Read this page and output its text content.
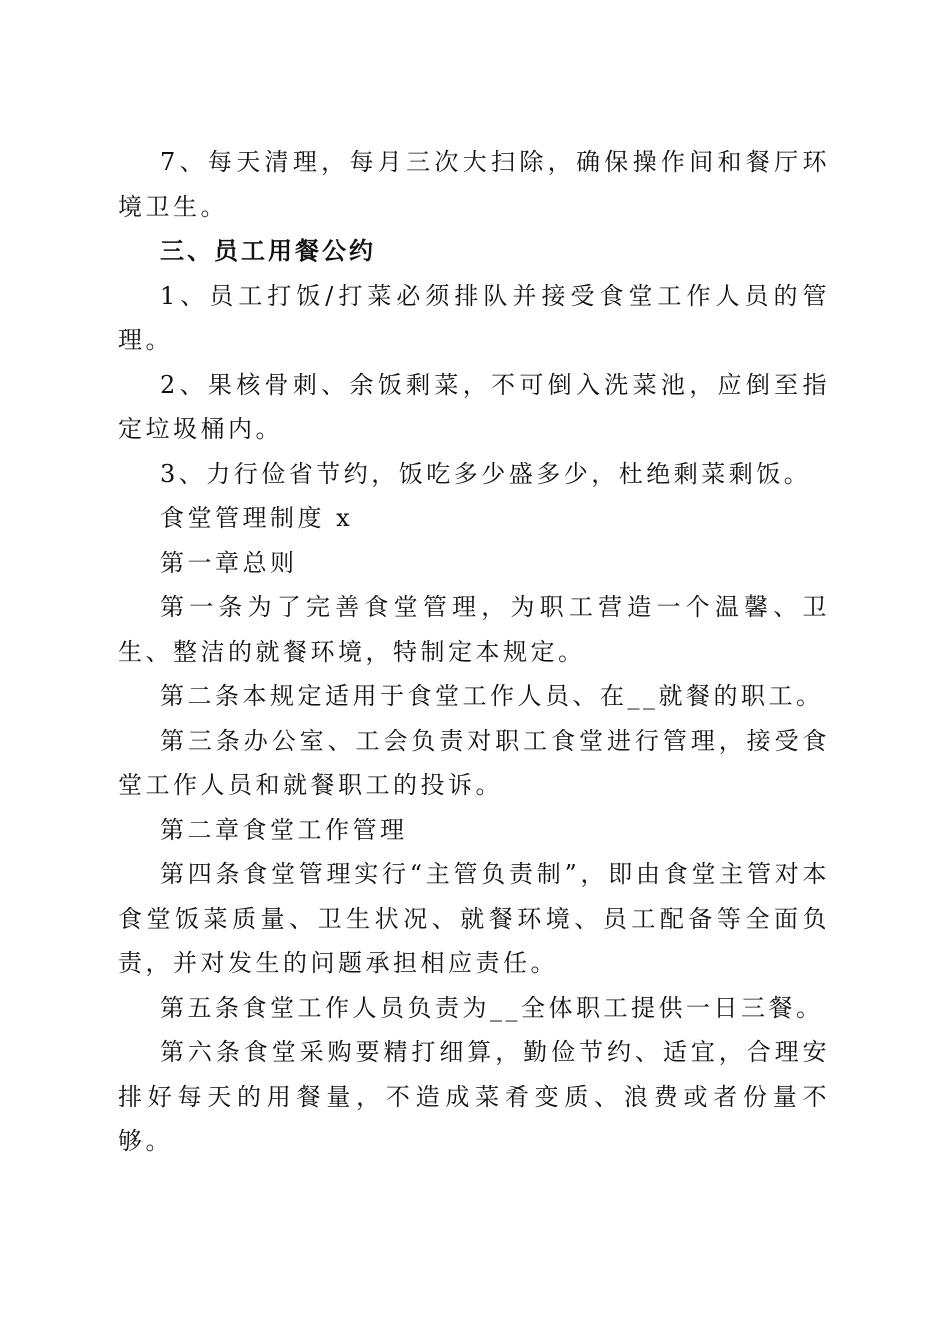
7、每天清理，每月三次大扫除，确保操作间和餐厅环境卫生。

三、员工用餐公约

1、员工打饭/打菜必须排队并接受食堂工作人员的管理。

2、果核骨刺、余饭剩菜，不可倒入洗菜池，应倒至指定垃圾桶内。

3、力行俭省节约，饭吃多少盛多少，杜绝剩菜剩饭。

食堂管理制度 x

第一章总则

第一条为了完善食堂管理，为职工营造一个温馨、卫生、整洁的就餐环境，特制定本规定。

第二条本规定适用于食堂工作人员、在__就餐的职工。

第三条办公室、工会负责对职工食堂进行管理，接受食堂工作人员和就餐职工的投诉。

第二章食堂工作管理

第四条食堂管理实行“主管负责制”，即由食堂主管对本食堂饭菜质量、卫生状况、就餐环境、员工配备等全面负责，并对发生的问题承担相应责任。

第五条食堂工作人员负责为__全体职工提供一日三餐。

第六条食堂采购要精打细算，勤俭节约、适宜，合理安排好每天的用餐量，不造成菜肴变质、浪费或者份量不够。
